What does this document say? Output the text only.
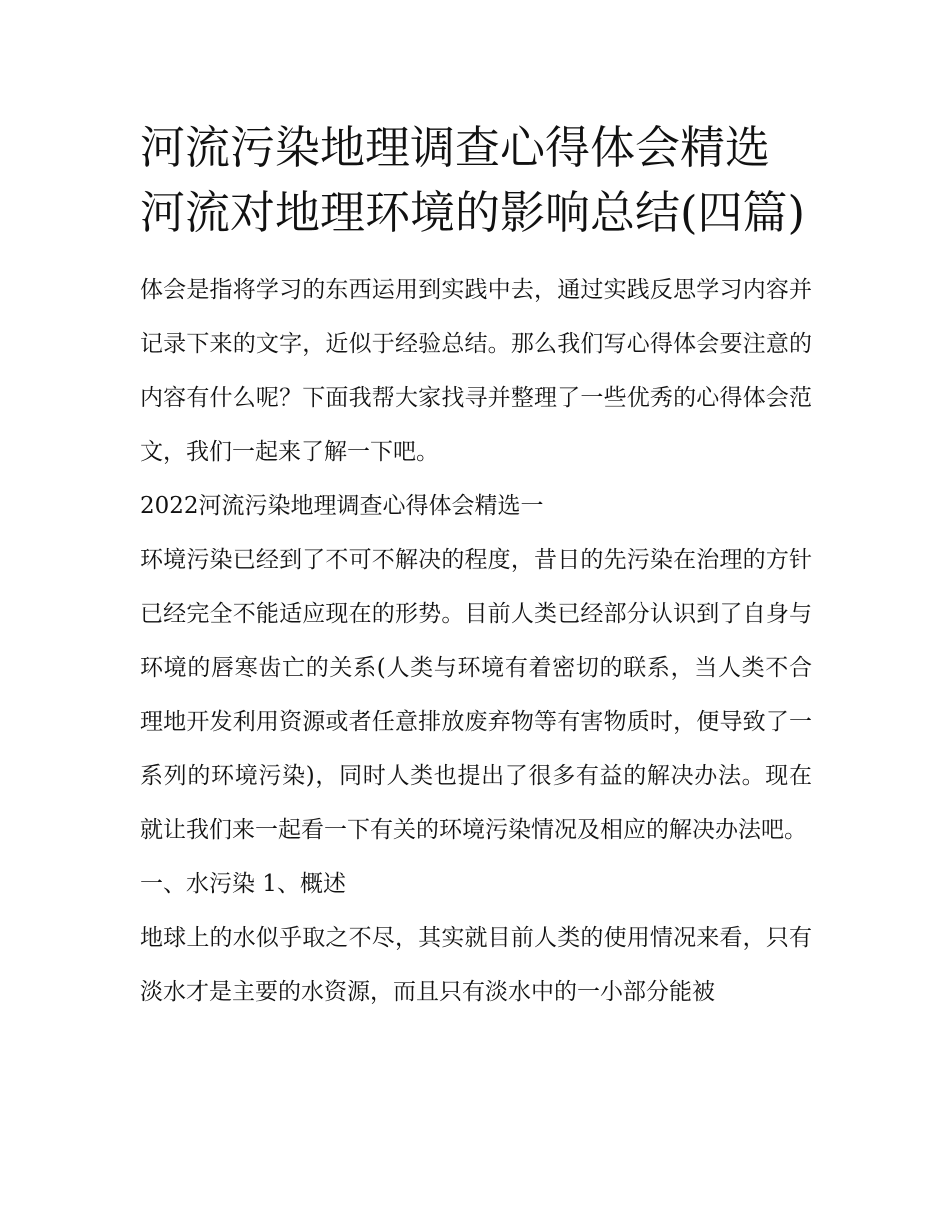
河流污染地理调查心得体会精选 河流对地理环境的影响总结(四篇)

体会是指将学习的东西运用到实践中去，通过实践反思学习内容并记录下来的文字，近似于经验总结。那么我们写心得体会要注意的内容有什么呢？下面我帮大家找寻并整理了一些优秀的心得体会范文，我们一起来了解一下吧。

2022河流污染地理调查心得体会精选一

环境污染已经到了不可不解决的程度，昔日的先污染在治理的方针已经完全不能适应现在的形势。目前人类已经部分认识到了自身与环境的唇寒齿亡的关系(人类与环境有着密切的联系，当人类不合理地开发利用资源或者任意排放废弃物等有害物质时，便导致了一系列的环境污染)，同时人类也提出了很多有益的解决办法。现在就让我们来一起看一下有关的环境污染情况及相应的解决办法吧。

一、水污染 1、概述

地球上的水似乎取之不尽，其实就目前人类的使用情况来看，只有淡水才是主要的水资源，而且只有淡水中的一小部分能被
